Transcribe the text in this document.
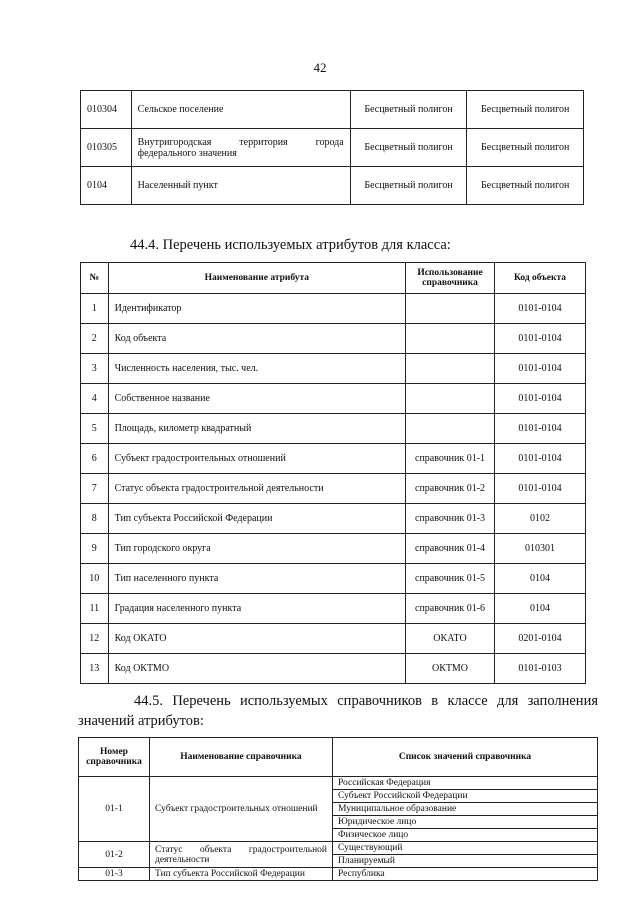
42
010304	Сельское поселение	Бесцветный полигон	Бесцветный полигон
010305	Внутригородская территория города федерального значения	Бесцветный полигон	Бесцветный полигон
0104	Населенный пункт	Бесцветный полигон	Бесцветный полигон
44.4. Перечень используемых атрибутов для класса:
№	Наименование атрибута	Использование справочника	Код объекта
1	Идентификатор		0101-0104
2	Код объекта		0101-0104
3	Численность населения, тыс. чел.		0101-0104
4	Собственное название		0101-0104
5	Площадь, километр квадратный		0101-0104
6	Субъект градостроительных отношений	справочник 01-1	0101-0104
7	Статус объекта градостроительной деятельности	справочник 01-2	0101-0104
8	Тип субъекта Российской Федерации	справочник 01-3	0102
9	Тип городского округа	справочник 01-4	010301
10	Тип населенного пункта	справочник 01-5	0104
11	Градация населенного пункта	справочник 01-6	0104
12	Код ОКАТО	ОКАТО	0201-0104
13	Код ОКТМО	ОКТМО	0101-0103
44.5. Перечень используемых справочников в классе для заполнения значений атрибутов:
Номер справочника	Наименование справочника	Список значений справочника
01-1	Субъект градостроительных отношений	Российская Федерация
		Субъект Российской Федерации
		Муниципальное образование
		Юридическое лицо
		Физическое лицо
01-2	Статус объекта градостроительной деятельности	Существующий
		Планируемый
01-3	Тип субъекта Российской Федерации	Республика
